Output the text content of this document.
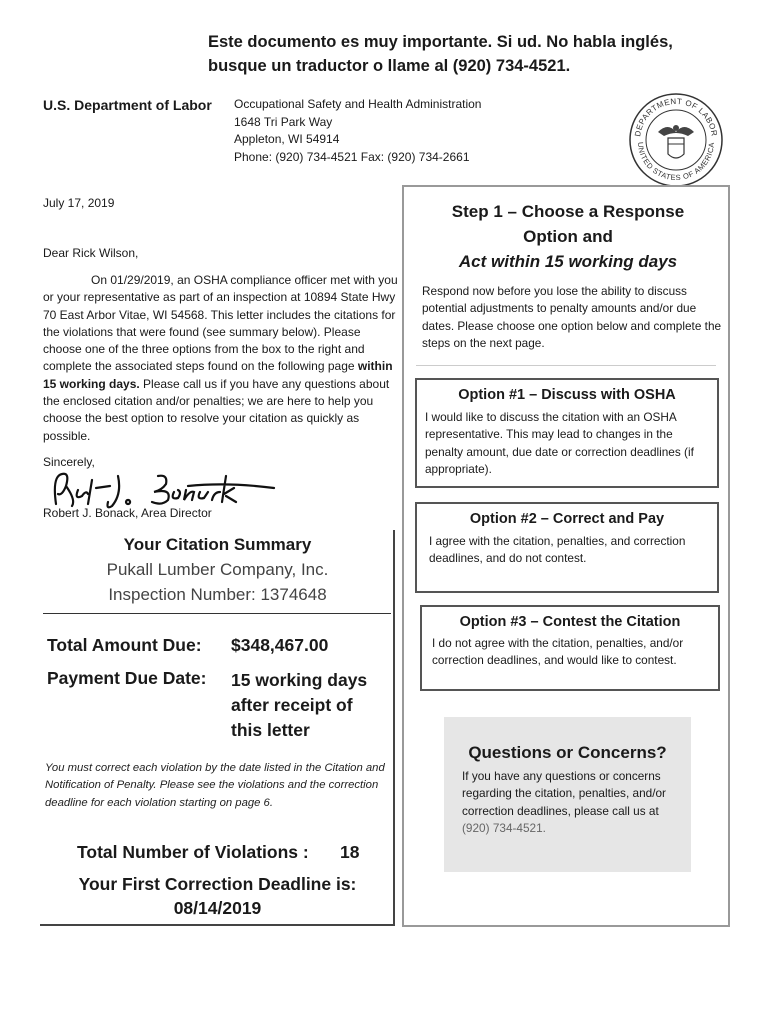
Este documento es muy importante. Si ud. No habla inglés,
busque un traductor o llame al (920) 734-4521.
U.S. Department of Labor Occupational Safety and Health Administration
1648 Tri Park Way
Appleton, WI 54914
Phone: (920) 734-4521 Fax: (920) 734-2661
DEPARTMENT OF LABOR
UNITED STATES OF AMERICA
July 17, 2019
Dear Rick Wilson,

On 01/29/2019, an OSHA compliance officer met with you or your representative as part of an inspection at 10894 State Hwy 70 East Arbor Vitae, WI 54568. This letter includes the citations for the violations that were found (see summary below). Please choose one of the three options from the box to the right and complete the associated steps found on the following page within 15 working days. Please call us if you have any questions about the enclosed citation and/or penalties; we are here to help you choose the best option to resolve your citation as quickly as possible.

Sincerely,
Robert J. Bonack, Area Director
Your Citation Summary
Pukall Lumber Company, Inc.
Inspection Number: 1374648
Total Amount Due: $348,467.00
Payment Due Date: 15 working days
after receipt of
this letter
You must correct each violation by the date listed in the Citation and Notification of Penalty. Please see the violations and the correction deadline for each violation starting on page 6.
Total Number of Violations : 18
Your First Correction Deadline is:
08/14/2019
Step 1 – Choose a Response
Option and
Act within 15 working days
Respond now before you lose the ability to discuss potential adjustments to penalty amounts and/or due dates. Please choose one option below and complete the steps on the next page.
Option #1 – Discuss with OSHA
I would like to discuss the citation with an OSHA representative. This may lead to changes in the penalty amount, due date or correction deadlines (if appropriate).
Option #2 – Correct and Pay
I agree with the citation, penalties, and correction deadlines, and do not contest.
Option #3 – Contest the Citation
I do not agree with the citation, penalties, and/or correction deadlines, and would like to contest.
Questions or Concerns?
If you have any questions or concerns regarding the citation, penalties, and/or correction deadlines, please call us at (920) 734-4521.
